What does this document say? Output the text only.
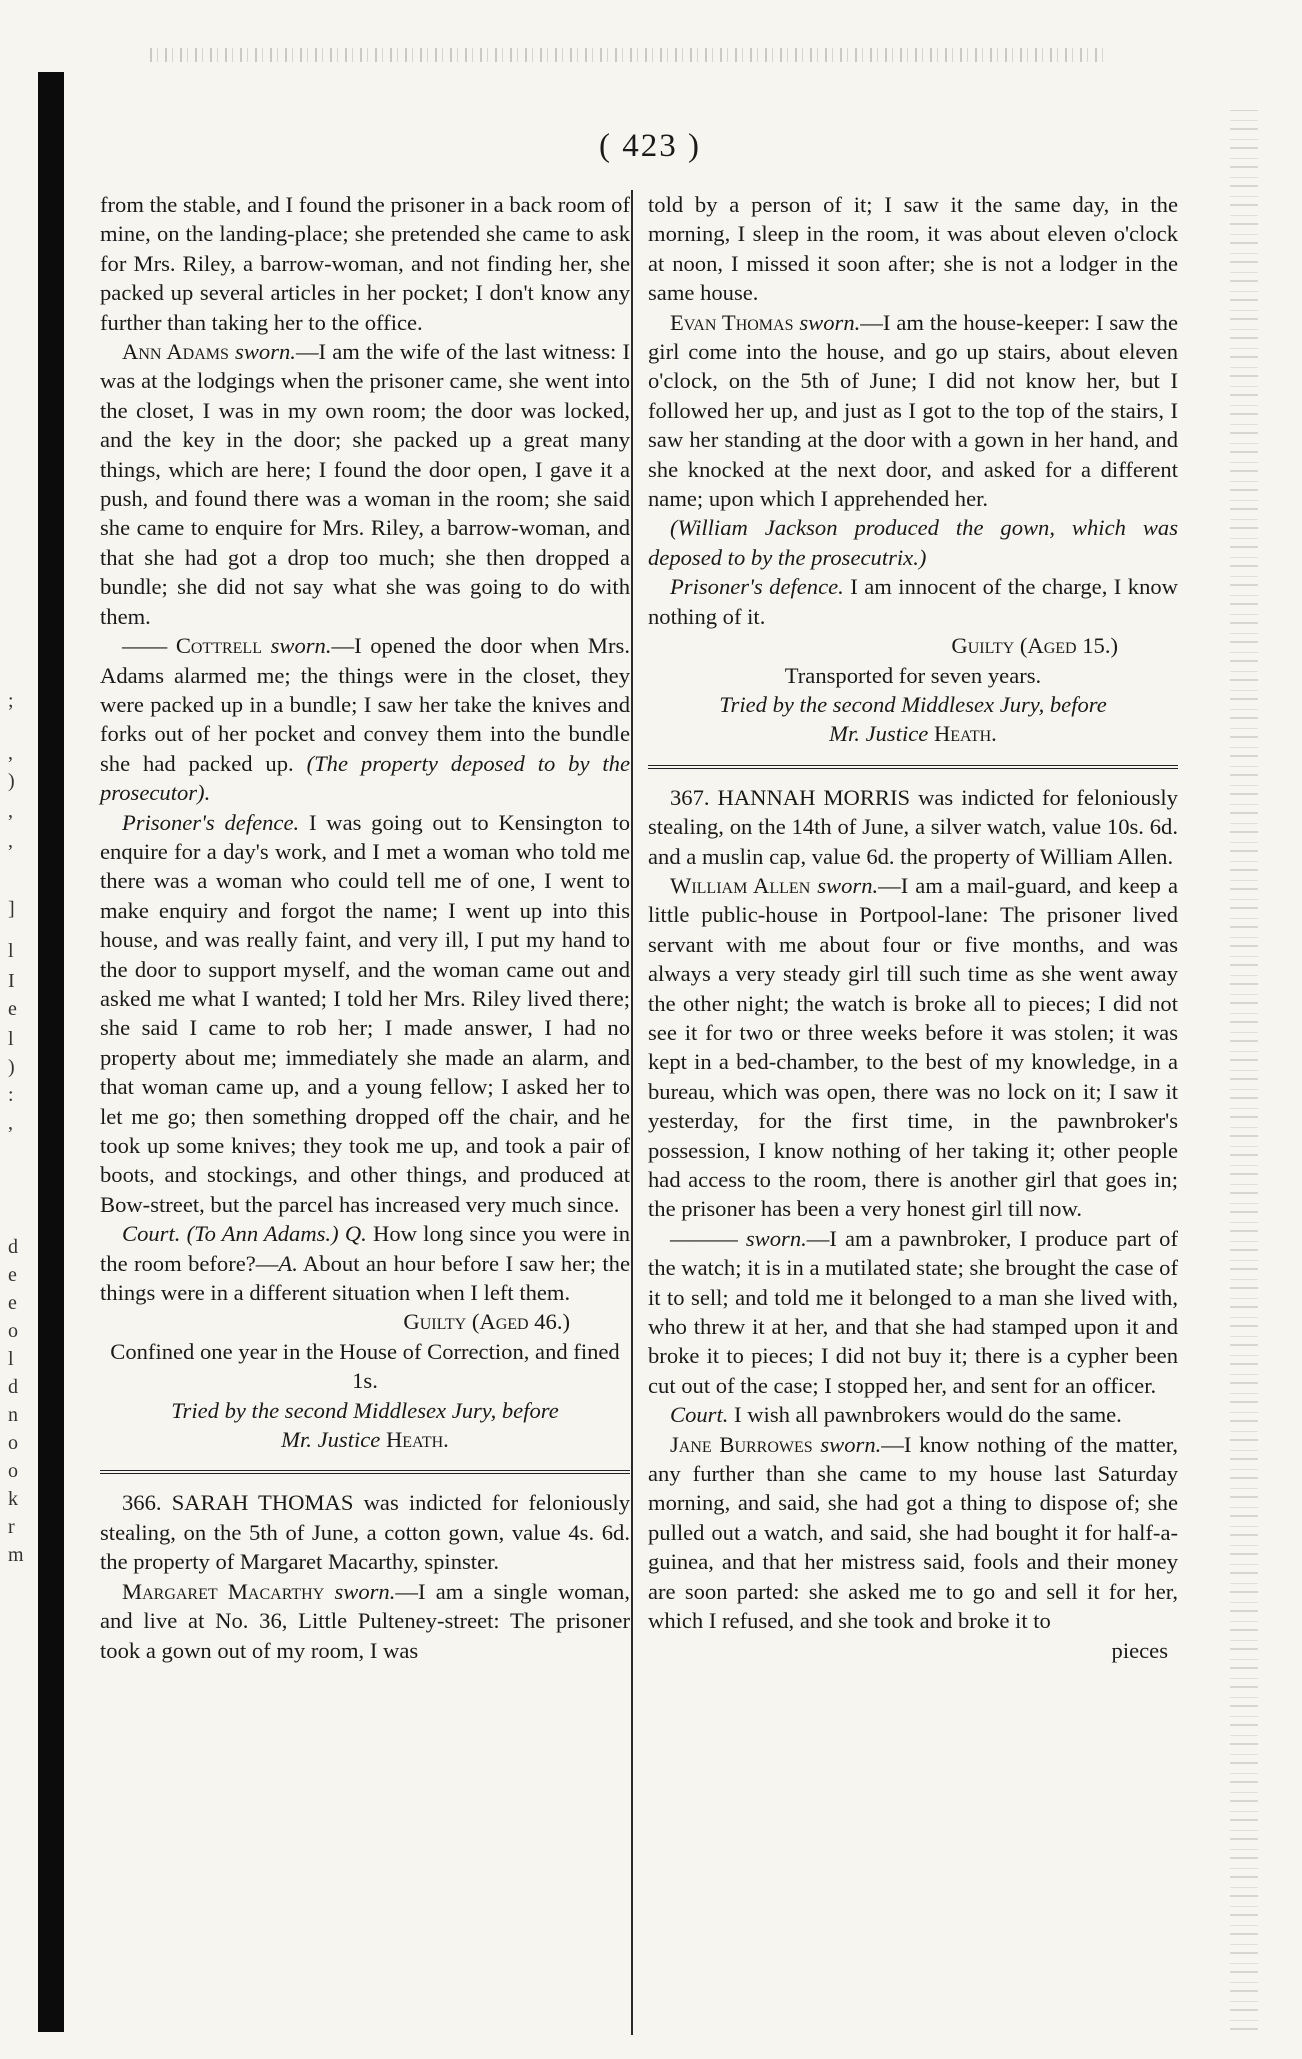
;
,
)
,
,
]
l
I
e
l
)
:
,
d
e
e
o
l
d
n
o
o
k
r
m
( 423 )

from the stable, and I found the prisoner in a back room of mine, on the landing-place; she pretended she came to ask for Mrs. Riley, a barrow-woman, and not finding her, she packed up several articles in her pocket; I don't know any further than taking her to the office.

Ann Adams sworn.—I am the wife of the last witness: I was at the lodgings when the prisoner came, she went into the closet, I was in my own room; the door was locked, and the key in the door; she packed up a great many things, which are here; I found the door open, I gave it a push, and found there was a woman in the room; she said she came to enquire for Mrs. Riley, a barrow-woman, and that she had got a drop too much; she then dropped a bundle; she did not say what she was going to do with them.

—— Cottrell sworn.—I opened the door when Mrs. Adams alarmed me; the things were in the closet, they were packed up in a bundle; I saw her take the knives and forks out of her pocket and convey them into the bundle she had packed up. (The property deposed to by the prosecutor).

Prisoner's defence. I was going out to Kensington to enquire for a day's work, and I met a woman who told me there was a woman who could tell me of one, I went to make enquiry and forgot the name; I went up into this house, and was really faint, and very ill, I put my hand to the door to support myself, and the woman came out and asked me what I wanted; I told her Mrs. Riley lived there; she said I came to rob her; I made answer, I had no property about me; immediately she made an alarm, and that woman came up, and a young fellow; I asked her to let me go; then something dropped off the chair, and he took up some knives; they took me up, and took a pair of boots, and stockings, and other things, and produced at Bow-street, but the parcel has increased very much since.

Court. (To Ann Adams.) Q. How long since you were in the room before?—A. About an hour before I saw her; the things were in a different situation when I left them.

Guilty (Aged 46.)

Confined one year in the House of Correction, and fined 1s.

Tried by the second Middlesex Jury, before

Mr. Justice Heath.

366. SARAH THOMAS was indicted for feloniously stealing, on the 5th of June, a cotton gown, value 4s. 6d. the property of Margaret Macarthy, spinster.

Margaret Macarthy sworn.—I am a single woman, and live at No. 36, Little Pulteney-street: The prisoner took a gown out of my room, I was

told by a person of it; I saw it the same day, in the morning, I sleep in the room, it was about eleven o'clock at noon, I missed it soon after; she is not a lodger in the same house.

Evan Thomas sworn.—I am the house-keeper: I saw the girl come into the house, and go up stairs, about eleven o'clock, on the 5th of June; I did not know her, but I followed her up, and just as I got to the top of the stairs, I saw her standing at the door with a gown in her hand, and she knocked at the next door, and asked for a different name; upon which I apprehended her.

(William Jackson produced the gown, which was deposed to by the prosecutrix.)

Prisoner's defence. I am innocent of the charge, I know nothing of it.

Guilty (Aged 15.)

Transported for seven years.

Tried by the second Middlesex Jury, before

Mr. Justice Heath.

367. HANNAH MORRIS was indicted for feloniously stealing, on the 14th of June, a silver watch, value 10s. 6d. and a muslin cap, value 6d. the property of William Allen.

William Allen sworn.—I am a mail-guard, and keep a little public-house in Portpool-lane: The prisoner lived servant with me about four or five months, and was always a very steady girl till such time as she went away the other night; the watch is broke all to pieces; I did not see it for two or three weeks before it was stolen; it was kept in a bed-chamber, to the best of my knowledge, in a bureau, which was open, there was no lock on it; I saw it yesterday, for the first time, in the pawnbroker's possession, I know nothing of her taking it; other people had access to the room, there is another girl that goes in; the prisoner has been a very honest girl till now.

——— sworn.—I am a pawnbroker, I produce part of the watch; it is in a mutilated state; she brought the case of it to sell; and told me it belonged to a man she lived with, who threw it at her, and that she had stamped upon it and broke it to pieces; I did not buy it; there is a cypher been cut out of the case; I stopped her, and sent for an officer.

Court. I wish all pawnbrokers would do the same.

Jane Burrowes sworn.—I know nothing of the matter, any further than she came to my house last Saturday morning, and said, she had got a thing to dispose of; she pulled out a watch, and said, she had bought it for half-a-guinea, and that her mistress said, fools and their money are soon parted: she asked me to go and sell it for her, which I refused, and she took and broke it to

pieces
